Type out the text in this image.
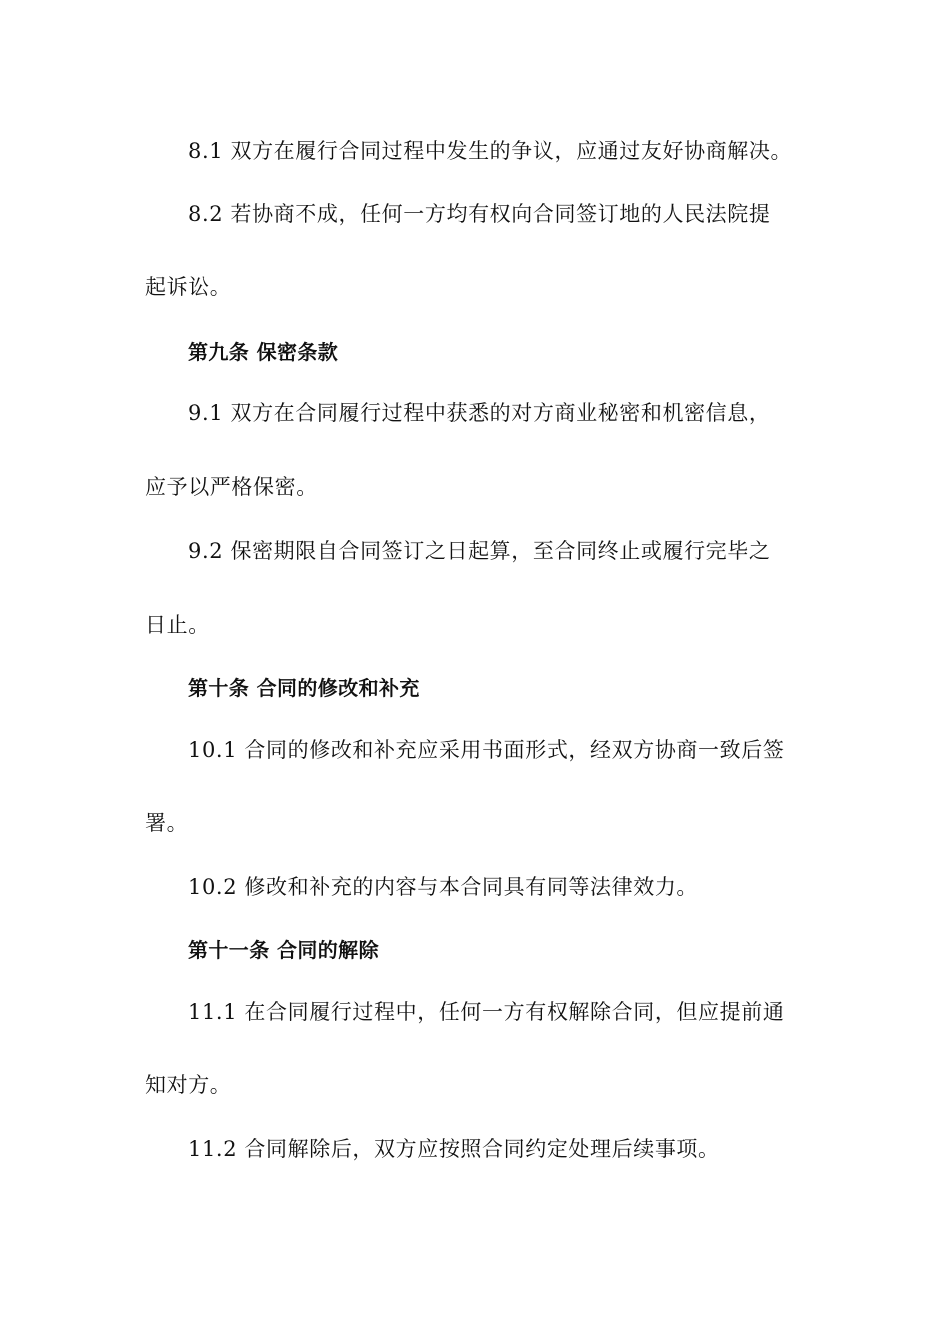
8.1 双方在履行合同过程中发生的争议，应通过友好协商解决。
8.2 若协商不成，任何一方均有权向合同签订地的人民法院提
起诉讼。
第九条 保密条款
9.1 双方在合同履行过程中获悉的对方商业秘密和机密信息，
应予以严格保密。
9.2 保密期限自合同签订之日起算，至合同终止或履行完毕之
日止。
第十条 合同的修改和补充
10.1 合同的修改和补充应采用书面形式，经双方协商一致后签
署。
10.2 修改和补充的内容与本合同具有同等法律效力。
第十一条 合同的解除
11.1 在合同履行过程中，任何一方有权解除合同，但应提前通
知对方。
11.2 合同解除后，双方应按照合同约定处理后续事项。
